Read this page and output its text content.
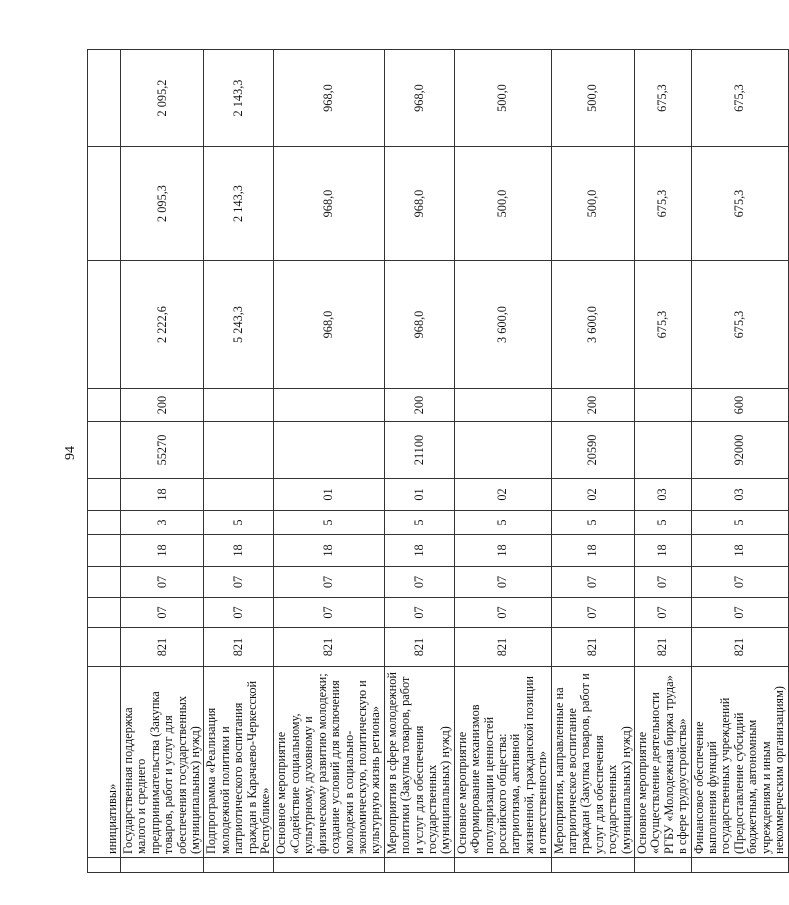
94
	инициативы»											
	Государственная поддержка малого и среднего предпринимательства (Закупка товаров, работ и услуг для обеспечения государственных (муниципальных) нужд)	821	07	07	18	3	18	55270	200	2 222,6	2 095,3	2 095,2
	Подпрограмма «Реализация молодежной политики и патриотического воспитания граждан в Карачаево-Черкесской Республике»	821	07	07	18	5				5 243,3	2 143,3	2 143,3
	Основное мероприятие «Содействие социальному, культурному, духовному и физическому развитию молодежи; создание условий для включения молодежи в социально-экономическую, политическую и культурную жизнь региона»	821	07	07	18	5	01			968,0	968,0	968,0
	Мероприятия в сфере молодежной политики (Закупка товаров, работ и услуг для обеспечения государственных (муниципальных) нужд)	821	07	07	18	5	01	21100	200	968,0	968,0	968,0
	Основное мероприятие «Формирование механизмов популяризации ценностей российского общества: патриотизма, активной жизненной, гражданской позиции и ответственности»	821	07	07	18	5	02			3 600,0	500,0	500,0
	Мероприятия, направленные на патриотическое воспитание граждан (Закупка товаров, работ и услуг для обеспечения государственных (муниципальных) нужд)	821	07	07	18	5	02	20590	200	3 600,0	500,0	500,0
	Основное мероприятие «Осуществление деятельности РГБУ «Молодежная биржа труда» в сфере трудоустройства»	821	07	07	18	5	03			675,3	675,3	675,3
	Финансовое обеспечение выполнения функций государственных учреждений (Предоставление субсидий бюджетным, автономным учреждениям и иным некоммерческим организациям)	821	07	07	18	5	03	92000	600	675,3	675,3	675,3
